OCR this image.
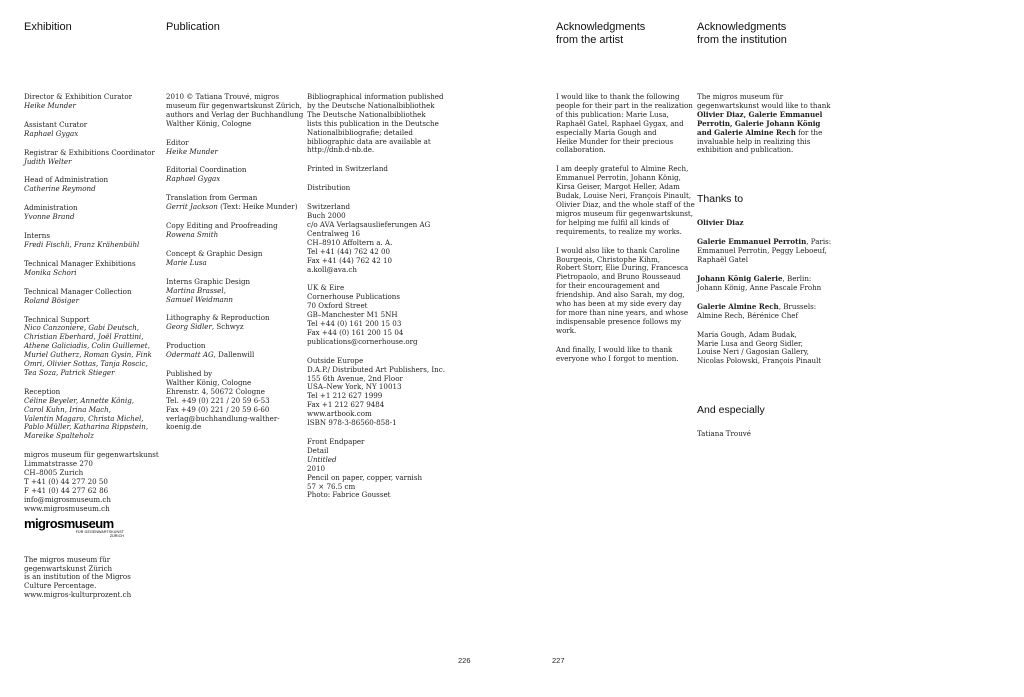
Exhibition	Publication
Director & Exhibition Curator
Heike Munder
Assistant Curator
Raphael Gygax
Registrar & Exhibitions Coordinator
Judith Welter
Head of Administration
Catherine Reymond
Administration
Yvonne Brand
Interns
Fredi Fischli, Franz Krähenbühl
Technical Manager Exhibitions
Monika Schori
Technical Manager Collection
Roland Bösiger
Technical Support
Nico Canzoniere, Gabi Deutsch,
Christian Eberhard, Joël Frattini,
Athene Galiciadis, Colin Guillemet,
Muriel Gutherz, Roman Gysin, Fink
Omri, Olivier Sottas, Tanja Roscic,
Tea Soza, Patrick Stieger
Reception
Céline Beyeler, Annette König,
Carol Kuhn, Irina Mach,
Valentin Magaro, Christa Michel,
Pablo Müller, Katharina Rippstein,
Mareike Spalteholz
migros museum für gegenwartskunst
Limmatstrasse 270
CH–8005 Zurich
T +41 (0) 44 277 20 50
F +41 (0) 44 277 62 86
info@migrosmuseum.ch
www.migrosmuseum.ch
migrosmuseum
FÜR GEGENWARTSKUNST
ZÜRICH
The migros museum für
gegenwartskunst Zürich
is an institution of the Migros
Culture Percentage.
www.migros-kulturprozent.ch
2010 © Tatiana Trouvé, migros
museum für gegenwartskunst Zürich,
authors and Verlag der Buchhandlung
Walther König, Cologne
Editor
Heike Munder
Editorial Coordination
Raphael Gygax
Translation from German
Gerrit Jackson (Text: Heike Munder)
Copy Editing and Proofreading
Rowena Smith
Concept & Graphic Design
Marie Lusa
Interns Graphic Design
Martina Brassel,
Samuel Weidmann
Lithography & Reproduction
Georg Sidler, Schwyz
Production
Odermatt AG, Dallenwill
Published by
Walther König, Cologne
Ehrenstr. 4, 50672 Cologne
Tel. +49 (0) 221 / 20 59 6-53
Fax +49 (0) 221 / 20 59 6-60
verlag@buchhandlung-walther-
koenig.de
Bibliographical information published
by the Deutsche Nationalbibliothek
The Deutsche Nationalbibliothek
lists this publication in the Deutsche
Nationalbibliografie; detailed
bibliographic data are available at
http://dnb.d-nb.de.
Printed in Switzerland
Distribution
Switzerland
Buch 2000
c/o AVA Verlagsauslieferungen AG
Centralweg 16
CH–8910 Affoltern a. A.
Tel +41 (44) 762 42 00
Fax +41 (44) 762 42 10
a.koll@ava.ch
UK & Eire
Cornerhouse Publications
70 Oxford Street
GB–Manchester M1 5NH
Tel +44 (0) 161 200 15 03
Fax +44 (0) 161 200 15 04
publications@cornerhouse.org
Outside Europe
D.A.P./ Distributed Art Publishers, Inc.
155 6th Avenue, 2nd Floor
USA–New York, NY 10013
Tel +1 212 627 1999
Fax +1 212 627 9484
www.artbook.com
ISBN 978-3-86560-858-1
Front Endpaper
Detail
Untitled
2010
Pencil on paper, copper, varnish
57 × 76.5 cm
Photo: Fabrice Gousset
226
Acknowledgments
from the artist
Acknowledgments
from the institution
I would like to thank the following
people for their part in the realization
of this publication: Marie Lusa,
Raphaël Gatel, Raphael Gygax, and
especially Maria Gough and
Heike Munder for their precious
collaboration.
I am deeply grateful to Almine Rech,
Emmanuel Perrotin, Johann König,
Kirsa Geiser, Margot Heller, Adam
Budak, Louise Neri, François Pinault,
Olivier Diaz, and the whole staff of the
migros museum für gegenwartskunst,
for helping me fulfil all kinds of
requirements, to realize my works.
I would also like to thank Caroline
Bourgeois, Christophe Kihm,
Robert Storr, Elie During, Francesca
Pietropaolo, and Bruno Rousseaud
for their encouragement and
friendship. And also Sarah, my dog,
who has been at my side every day
for more than nine years, and whose
indispensable presence follows my
work.
And finally, I would like to thank
everyone who I forgot to mention.
The migros museum für
gegenwartskunst would like to thank
Olivier Diaz, Galerie Emmanuel
Perrotin, Galerie Johann König
and Galerie Almine Rech for the
invaluable help in realizing this
exhibition and publication.

Thanks to

Olivier Diaz
Galerie Emmanuel Perrotin, Paris:
Emmanuel Perrotin, Peggy Leboeuf,
Raphaël Gatel
Johann König Galerie, Berlin:
Johann König, Anne Pascale Frohn
Galerie Almine Rech, Brussels:
Almine Rech, Bérénice Chef
Maria Gough, Adam Budak,
Marie Lusa and Georg Sidler,
Louise Neri / Gagosian Gallery,
Nicolas Polowski, François Pinault

And especially

Tatiana Trouvé
227
